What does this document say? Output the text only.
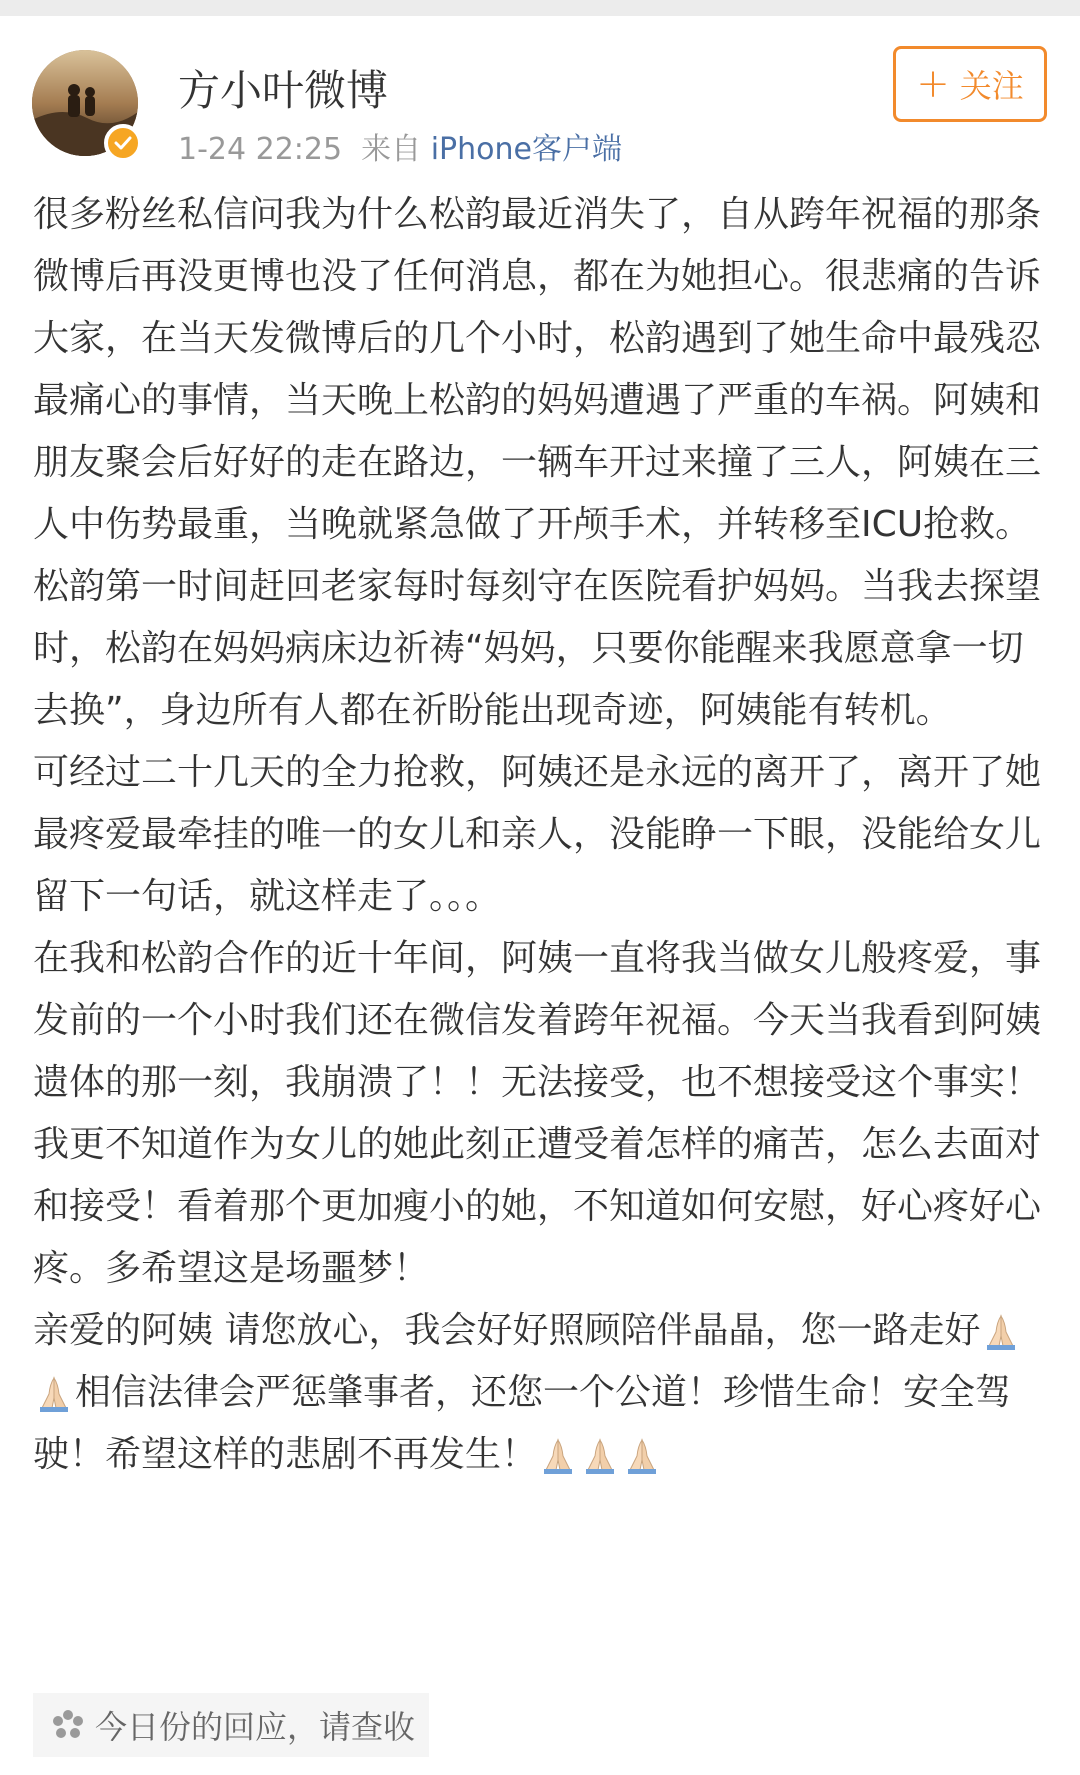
方小叶微博
1-24 22:25 来自 iPhone客户端
+ 关注

很多粉丝私信问我为什么松韵最近消失了，自从跨年祝福的那条微博后再没更博也没了任何消息，都在为她担心。很悲痛的告诉大家，在当天发微博后的几个小时，松韵遇到了她生命中最残忍最痛心的事情，当天晚上松韵的妈妈遭遇了严重的车祸。阿姨和朋友聚会后好好的走在路边，一辆车开过来撞了三人，阿姨在三人中伤势最重，当晚就紧急做了开颅手术，并转移至ICU抢救。松韵第一时间赶回老家每时每刻守在医院看护妈妈。当我去探望时，松韵在妈妈病床边祈祷“妈妈，只要你能醒来我愿意拿一切去换”，身边所有人都在祈盼能出现奇迹，阿姨能有转机。

可经过二十几天的全力抢救，阿姨还是永远的离开了，离开了她最疼爱最牵挂的唯一的女儿和亲人，没能睁一下眼，没能给女儿留下一句话，就这样走了。。。

在我和松韵合作的近十年间，阿姨一直将我当做女儿般疼爱，事发前的一个小时我们还在微信发着跨年祝福。今天当我看到阿姨遗体的那一刻，我崩溃了！！无法接受，也不想接受这个事实！我更不知道作为女儿的她此刻正遭受着怎样的痛苦，怎么去面对和接受！看着那个更加瘦小的她，不知道如何安慰，好心疼好心疼。多希望这是场噩梦！

亲爱的阿姨 请您放心，我会好好照顾陪伴晶晶，您一路走好相信法律会严惩肇事者，还您一个公道！珍惜生命！安全驾驶！希望这样的悲剧不再发生！

今日份的回应，请查收
